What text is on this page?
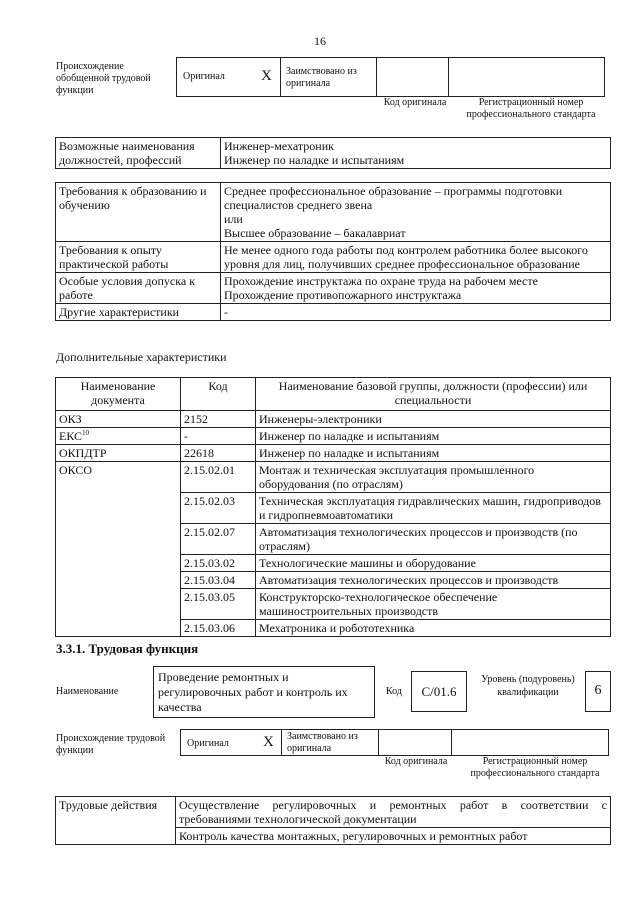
16
Происхождение обобщенной трудовой функции
Оригинал X Заимствовано из оригинала
Код оригинала	Регистрационный номер профессионального стандарта
Возможные наименования должностей, профессий	
Инженер-мехатроник
Инженер по наладке и испытаниям
Требования к образованию и обучению	Среднее профессиональное образование – программы подготовки специалистов среднего звена
или
Высшее образование – бакалавриат

Требования к опыту практической работы	Не менее одного года работы под контролем работника более высокого уровня для лиц, получивших среднее профессиональное образование

Особые условия допуска к работе	Прохождение инструктажа по охране труда на рабочем месте
Прохождение противопожарного инструктажа

Другие характеристики	-
Дополнительные характеристики
Наименование документа	Код	Наименование базовой группы, должности (профессии) или специальности
ОКЗ	2152	Инженеры-электроники
ЕКС$^{10}$	-	Инженер по наладке и испытаниям
ОКПДТР	22618	Инженер по наладке и испытаниям
ОКСО	2.15.02.01	Монтаж и техническая эксплуатация промышленного оборудования (по отраслям)
	2.15.02.03	Техническая эксплуатация гидравлических машин, гидроприводов и гидропневмоавтоматики
	2.15.02.07	Автоматизация технологических процессов и производств (по отраслям)
	2.15.03.02	Технологические машины и оборудование
	2.15.03.04	Автоматизация технологических процессов и производств
	2.15.03.05	Конструкторско-технологическое обеспечение машиностроительных производств
	2.15.03.06	Мехатроника и робототехника
3.3.1. Трудовая функция
Наименование
Проведение ремонтных и регулировочных работ и контроль их качества
Код	С/01.6
Уровень (подуровень) квалификации	6
Происхождение трудовой функции
Оригинал X Заимствовано из оригинала
Код оригинала	Регистрационный номер профессионального стандарта
Трудовые действия	Осуществление регулировочных и ремонтных работ в соответствии с требованиями технологической документации
Контроль качества монтажных, регулировочных и ремонтных работ
